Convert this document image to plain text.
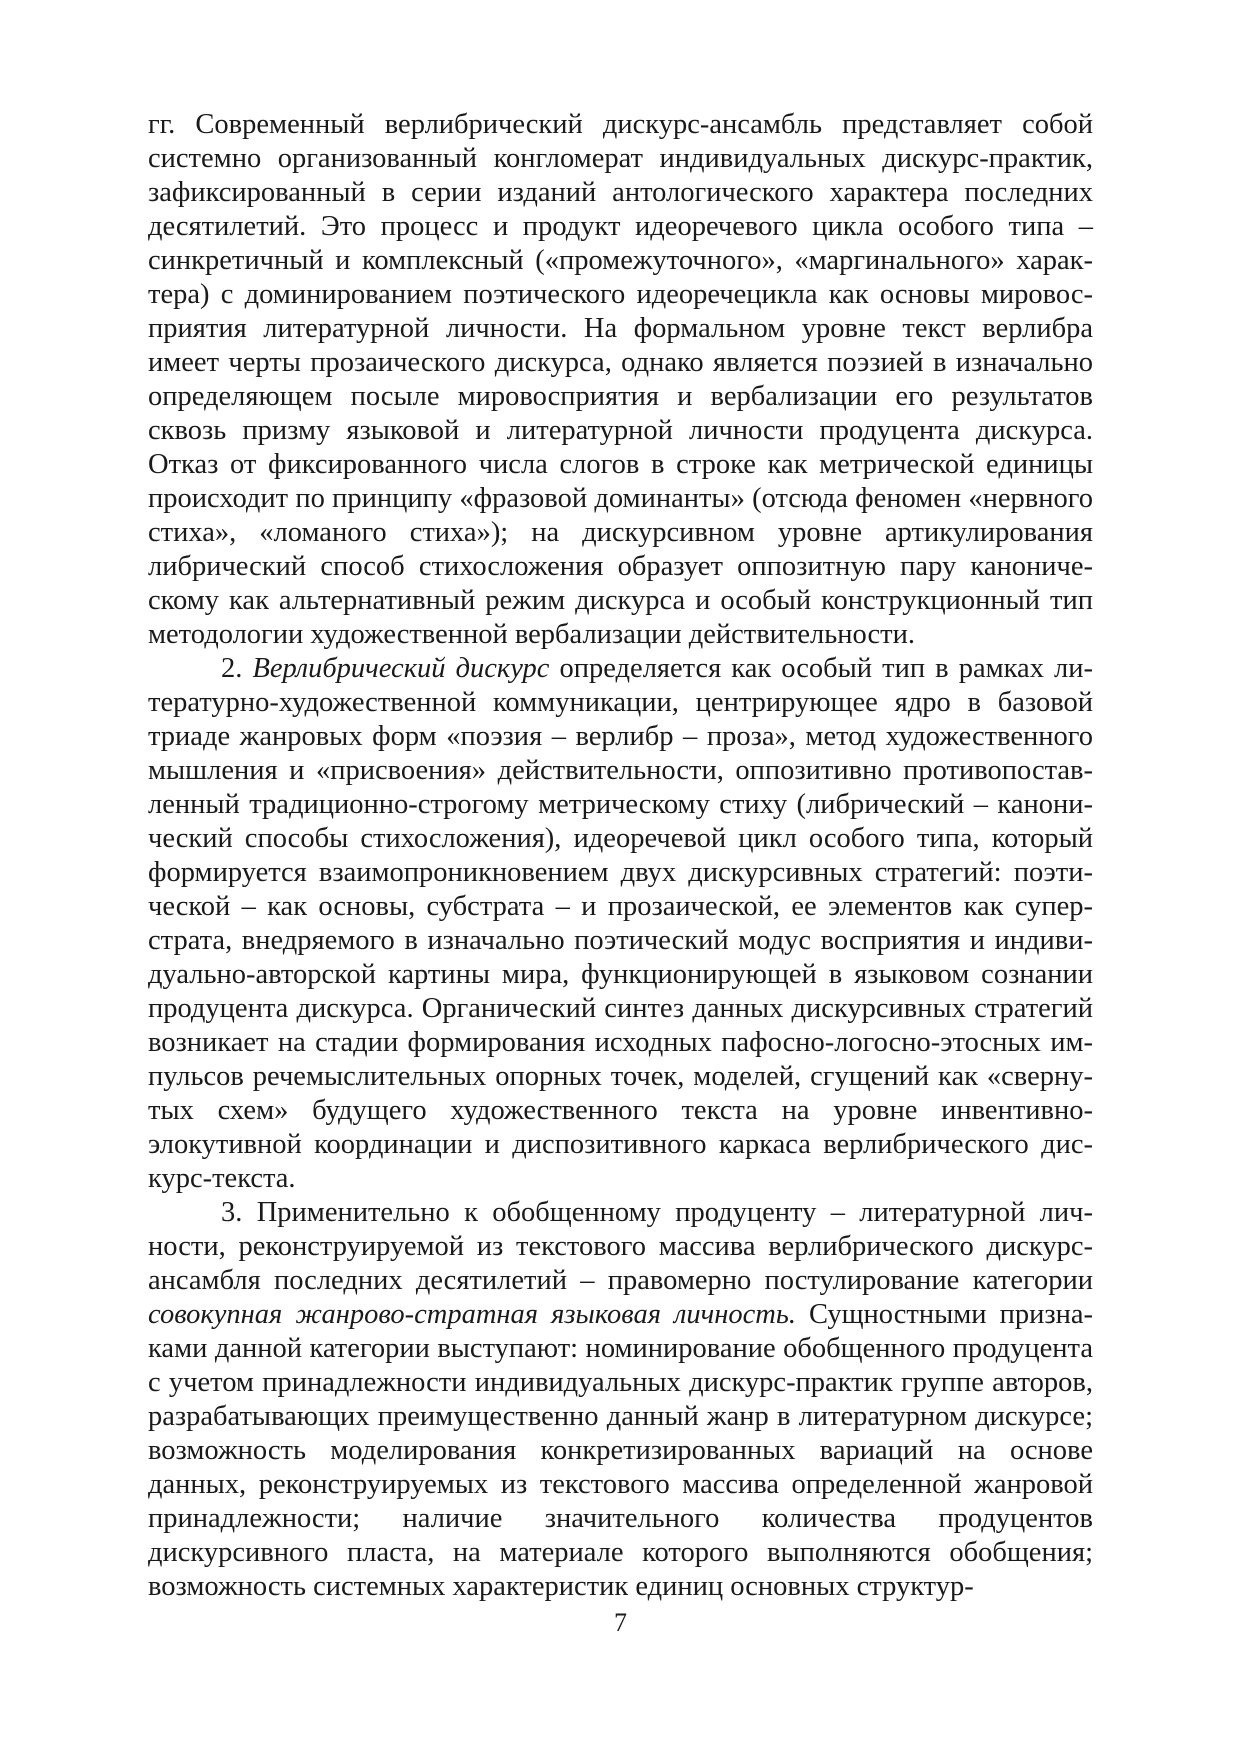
гг. Современный верлибрический дискурс-ансамбль представляет собой системно организованный конгломерат индивидуальных дискурс-практик, зафиксированный в серии изданий антологического характера последних десятилетий. Это процесс и продукт идеоречевого цикла особого типа – синкретичный и комплексный («промежуточного», «маргинального» характера) с доминированием поэтического идеоречецикла как основы мировосприятия литературной личности. На формальном уровне текст верлибра имеет черты прозаического дискурса, однако является поэзией в изначально определяющем посыле мировосприятия и вербализации его результатов сквозь призму языковой и литературной личности продуцента дискурса. Отказ от фиксированного числа слогов в строке как метрической единицы происходит по принципу «фразовой доминанты» (отсюда феномен «нервного стиха», «ломаного стиха»); на дискурсивном уровне артикулирования либрический способ стихосложения образует оппозитную пару каноническому как альтернативный режим дискурса и особый конструкционный тип методологии художественной вербализации действительности.

2. Верлибрический дискурс определяется как особый тип в рамках литературно-художественной коммуникации, центрирующее ядро в базовой триаде жанровых форм «поэзия – верлибр – проза», метод художественного мышления и «присвоения» действительности, оппозитивно противопоставленный традиционно-строгому метрическому стиху (либрический – канонический способы стихосложения), идеоречевой цикл особого типа, который формируется взаимопроникновением двух дискурсивных стратегий: поэтической – как основы, субстрата – и прозаической, ее элементов как суперстрата, внедряемого в изначально поэтический модус восприятия и индивидуально-авторской картины мира, функционирующей в языковом сознании продуцента дискурса. Органический синтез данных дискурсивных стратегий возникает на стадии формирования исходных пафосно-логосно-этосных импульсов речемыслительных опорных точек, моделей, сгущений как «свернутых схем» будущего художественного текста на уровне инвентивноэлокутивной координации и диспозитивного каркаса верлибрического дискурс-текста.

3. Применительно к обобщенному продуценту – литературной личности, реконструируемой из текстового массива верлибрического дискурс-ансамбля последних десятилетий – правомерно постулирование категории совокупная жанрово-стратная языковая личность. Сущностными признаками данной категории выступают: номинирование обобщенного продуцента с учетом принадлежности индивидуальных дискурс-практик группе авторов, разрабатывающих преимущественно данный жанр в литературном дискурсе; возможность моделирования конкретизированных вариаций на основе данных, реконструируемых из текстового массива определенной жанровой принадлежности; наличие значительного количества продуцентов дискурсивного пласта, на материале которого выполняются обобщения; возможность системных характеристик единиц основных структур-

7
